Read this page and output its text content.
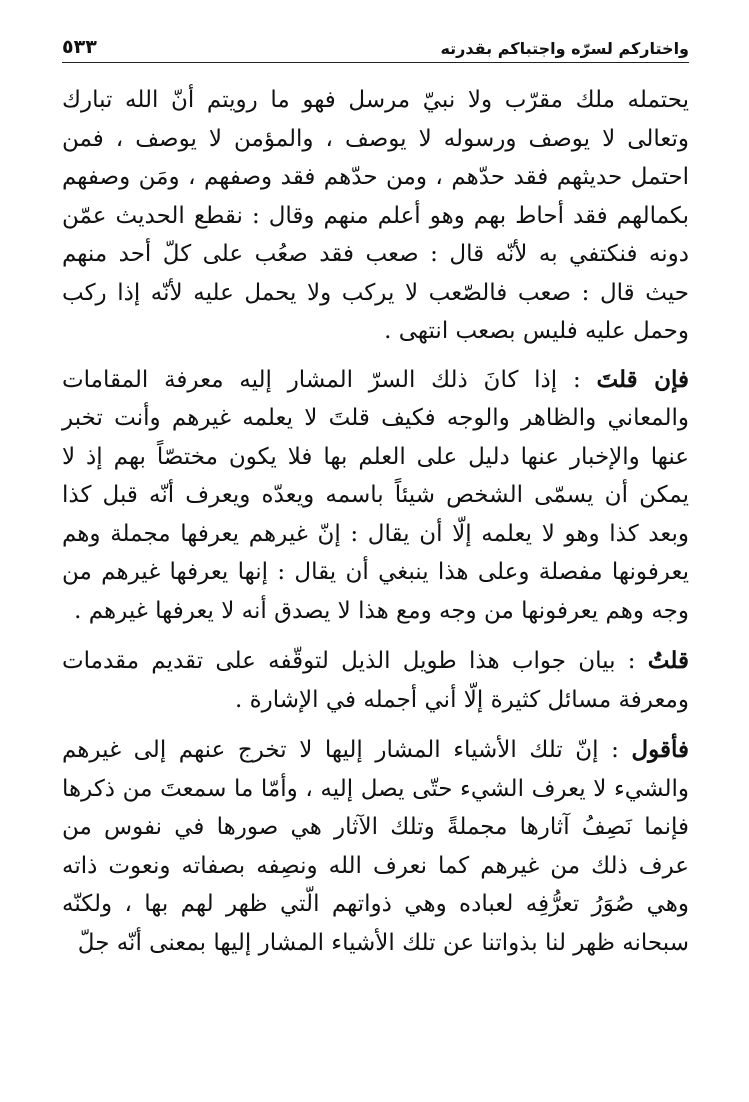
واختاركم لسرّه واجتباكم بقدرته
٥٣٣

يحتمله ملك مقرّب ولا نبيّ مرسل فهو ما رويتم أنّ الله تبارك وتعالى لا يوصف ورسوله لا يوصف ، والمؤمن لا يوصف ، فمن احتمل حديثهم فقد حدّهم ، ومن حدّهم فقد وصفهم ، ومَن وصفهم بكمالهم فقد أحاط بهم وهو أعلم منهم وقال : نقطع الحديث عمّن دونه فنكتفي به لأنّه قال : صعب فقد صعُب على كلّ أحد منهم حيث قال : صعب فالصّعب لا يركب ولا يحمل عليه لأنّه إذا ركب وحمل عليه فليس بصعب انتهى .

فإن قلتَ : إذا كانَ ذلك السرّ المشار إليه معرفة المقامات والمعاني والظاهر والوجه فكيف قلتَ لا يعلمه غيرهم وأنت تخبر عنها والإخبار عنها دليل على العلم بها فلا يكون مختصّاً بهم إذ لا يمكن أن يسمّى الشخص شيئاً باسمه ويعدّه ويعرف أنّه قبل كذا وبعد كذا وهو لا يعلمه إلّا أن يقال : إنّ غيرهم يعرفها مجملة وهم يعرفونها مفصلة وعلى هذا ينبغي أن يقال : إنها يعرفها غيرهم من وجه وهم يعرفونها من وجه ومع هذا لا يصدق أنه لا يعرفها غيرهم .

قلتُ : بيان جواب هذا طويل الذيل لتوقّفه على تقديم مقدمات ومعرفة مسائل كثيرة إلّا أني أجمله في الإشارة .

فأقول : إنّ تلك الأشياء المشار إليها لا تخرج عنهم إلى غيرهم والشيء لا يعرف الشيء حتّى يصل إليه ، وأمّا ما سمعتَ من ذكرها فإنما نَصِفُ آثارها مجملةً وتلك الآثار هي صورها في نفوس من عرف ذلك من غيرهم كما نعرف الله ونصِفه بصفاته ونعوت ذاته وهي صُوَرُ تعرُّفِه لعباده وهي ذواتهم الّتي ظهر لهم بها ، ولكنّه سبحانه ظهر لنا بذواتنا عن تلك الأشياء المشار إليها بمعنى أنّه جلّ
